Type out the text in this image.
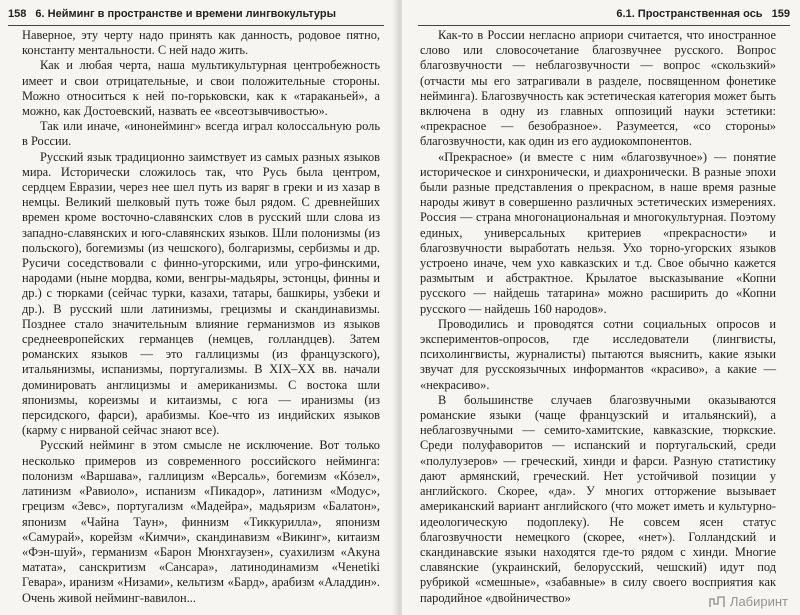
158 6. Нейминг в пространстве и времени лингвокультуры

Наверное, эту черту надо принять как данность, родовое пятно, константу ментальности. С ней надо жить.

Как и любая черта, наша мультикультурная центробежность имеет и свои отрицательные, и свои положительные стороны. Можно относиться к ней по-горьковски, как к «тараканьей», а можно, как Достоевский, назвать ее «всеотзывчивостью».

Так или иначе, «инонейминг» всегда играл колоссальную роль в России.

Русский язык традиционно заимствует из самых разных языков мира. Исторически сложилось так, что Русь была центром, сердцем Евразии, через нее шел путь из варяг в греки и из хазар в немцы. Великий шелковый путь тоже был рядом. С древнейших времен кроме восточно-славянских слов в русский шли слова из западно-славянских и юго-славянских языков. Шли полонизмы (из польского), богемизмы (из чешского), болгаризмы, сербизмы и др. Русичи соседствовали с финно-угорскими, или угро-финскими, народами (ныне мордва, коми, венгры-мадьяры, эстонцы, финны и др.) с тюрками (сейчас турки, казахи, татары, башкиры, узбеки и др.). В русский шли латинизмы, грецизмы и скандинавизмы. Позднее стало значительным влияние германизмов из языков среднеевропейских германцев (немцев, голландцев). Затем романских языков — это галлицизмы (из французского), итальянизмы, испанизмы, португализмы. В XIX–XX вв. начали доминировать англицизмы и американизмы. С востока шли японизмы, кореизмы и китаизмы, с юга — иранизмы (из персидского, фарси), арабизмы. Кое-что из индийских языков (карму с нирваной сейчас знают все).

Русский нейминг в этом смысле не исключение. Вот только несколько примеров из современного российского нейминга: полонизм «Варшава», галлицизм «Версаль», богемизм «Кóзел», латинизм «Равиоло», испанизм «Пикадор», латинизм «Модус», грецизм «Зевс», португализм «Мадейра», мадьяризм «Балатон», японизм «Чайна Таун», финнизм «Тиккурилла», японизм «Самурай», корейзм «Кимчи», скандинавизм «Викинг», китаизм «Фэн-шуй», германизм «Барон Мюнхгаузен», суахилизм «Акуна матата», санскритизм «Сансара», латинодинамизм «Ченеtiki Гевара», иранизм «Низами», кельтизм «Бард», арабизм «Аладдин». Очень живой нейминг-вавилон...

6.1. Пространственная ось 159

Как-то в России негласно априори считается, что иностранное слово или словосочетание благозвучнее русского. Вопрос благозвучности — неблагозвучности — вопрос «скользкий» (отчасти мы его затрагивали в разделе, посвященном фонетике нейминга). Благозвучность как эстетическая категория может быть включена в одну из главных оппозиций науки эстетики: «прекрасное — безобразное». Разумеется, «со стороны» благозвучности, как один из его аудиокомпонентов.

«Прекрасное» (и вместе с ним «благозвучное») — понятие историческое и синхронически, и диахронически. В разные эпохи были разные представления о прекрасном, в наше время разные народы живут в совершенно различных эстетических измерениях. Россия — страна многонациональная и многокультурная. Поэтому единых, универсальных критериев «прекрасности» и благозвучности выработать нельзя. Ухо торно-угорских языков устроено иначе, чем ухо кавказских и т.д. Свое обычно кажется размытым и абстрактное. Крылатое высказывание «Копни русского — найдешь татарина» можно расширить до «Копни русского — найдешь 160 народов».

Проводились и проводятся сотни социальных опросов и экспериментов-опросов, где исследователи (лингвисты, психолингвисты, журналисты) пытаются выяснить, какие языки звучат для русскоязычных информантов «красиво», а какие — «некрасиво».

В большинстве случаев благозвучными оказываются романские языки (чаще французский и итальянский), а неблагозвучными — семито-хамитские, кавказские, тюркские. Среди полуфаворитов — испанский и португальский, среди «полулузеров» — греческий, хинди и фарси. Разную статистику дают армянский, греческий. Нет устойчивой позиции у английского. Скорее, «да». У многих отторжение вызывает американский вариант английского (что может иметь и культурно-идеологическую подоплеку). Не совсем ясен статус благозвучности немецкого (скорее, «нет»). Голландский и скандинавские языки находятся где-то рядом с хинди. Многие славянские (украинский, белорусский, чешский) идут под рубрикой «смешные», «забавные» в силу своего восприятия как пародийное «двойничество»	Лабиринт
